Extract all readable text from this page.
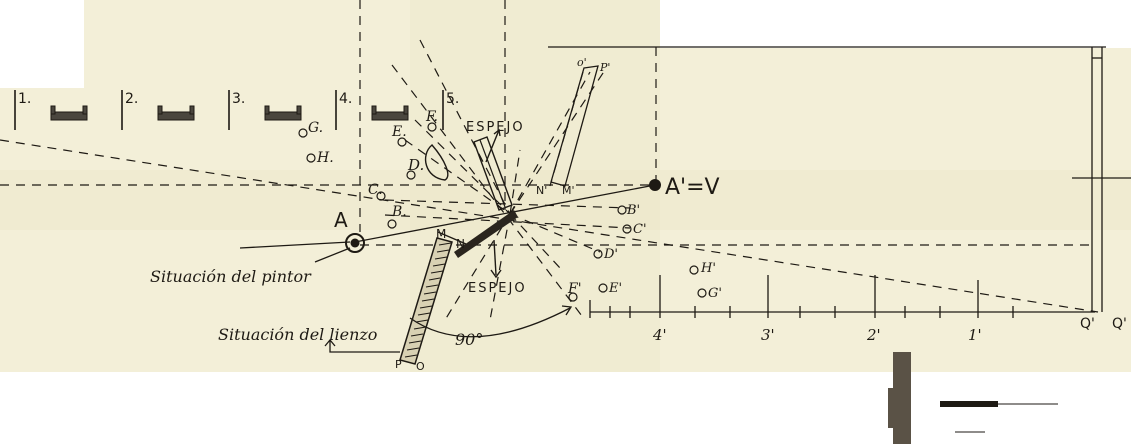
1.	2.	3.	4.	5.
G.
H.
E.
F.
D.
C.
B.
A
M
N
O
P
ESPEJO
ESPEJO
o' P'
N' M'	A'=V
B'
C'
D'
E'
F'
H'
G'
4'	3'	2'	1'
Q' Q'
90°
Situación del pintor
Situación del lienzo
